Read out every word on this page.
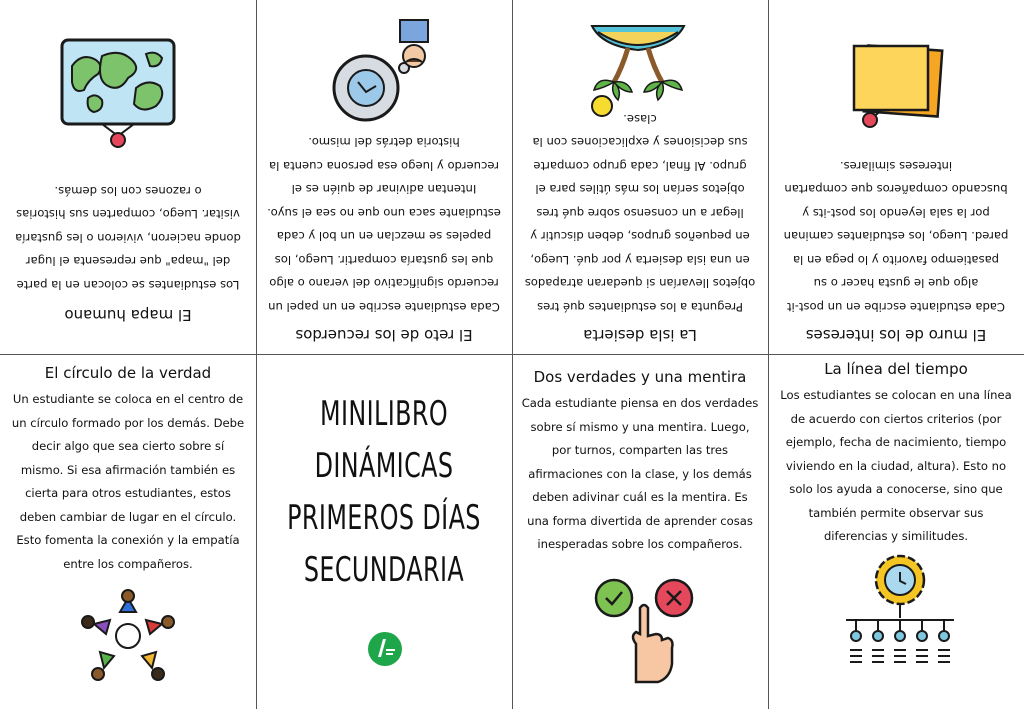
El mapa humano

Los estudiantes se colocan en la parte

del "mapa" que representa el lugar

donde nacieron, vivieron o les gustaría

visitar. Luego, comparten sus historias

o razones con los demás.

El reto de los recuerdos

Cada estudiante escribe en un papel un

recuerdo significativo del verano o algo

que les gustaría compartir. Luego, los

papeles se mezclan en un bol y cada

estudiante saca uno que no sea el suyo.

Intentan adivinar de quién es el

recuerdo y luego esa persona cuenta la

historia detrás del mismo.

La isla desierta

Pregunta a los estudiantes qué tres

objetos llevarían si quedaran atrapados

en una isla desierta y por qué. Luego,

en pequeños grupos, deben discutir y

llegar a un consenso sobre qué tres

objetos serían los más útiles para el

grupo. Al final, cada grupo comparte

sus decisiones y explicaciones con la

clase.

El muro de los intereses

Cada estudiante escribe en un post-it

algo que le gusta hacer o su

pasatiempo favorito y lo pega en la

pared. Luego, los estudiantes caminan

por la sala leyendo los post-its y

buscando compañeros que compartan

intereses similares.

El círculo de la verdad

Un estudiante se coloca en el centro de

un círculo formado por los demás. Debe

decir algo que sea cierto sobre sí

mismo. Si esa afirmación también es

cierta para otros estudiantes, estos

deben cambiar de lugar en el círculo.

Esto fomenta la conexión y la empatía

entre los compañeros.

MINILIBRO
DINÁMICAS
PRIMEROS DÍAS
SECUNDARIA
Dos verdades y una mentira

Cada estudiante piensa en dos verdades

sobre sí mismo y una mentira. Luego,

por turnos, comparten las tres

afirmaciones con la clase, y los demás

deben adivinar cuál es la mentira. Es

una forma divertida de aprender cosas

inesperadas sobre los compañeros.

La línea del tiempo

Los estudiantes se colocan en una línea

de acuerdo con ciertos criterios (por

ejemplo, fecha de nacimiento, tiempo

viviendo en la ciudad, altura). Esto no

solo los ayuda a conocerse, sino que

también permite observar sus

diferencias y similitudes.
